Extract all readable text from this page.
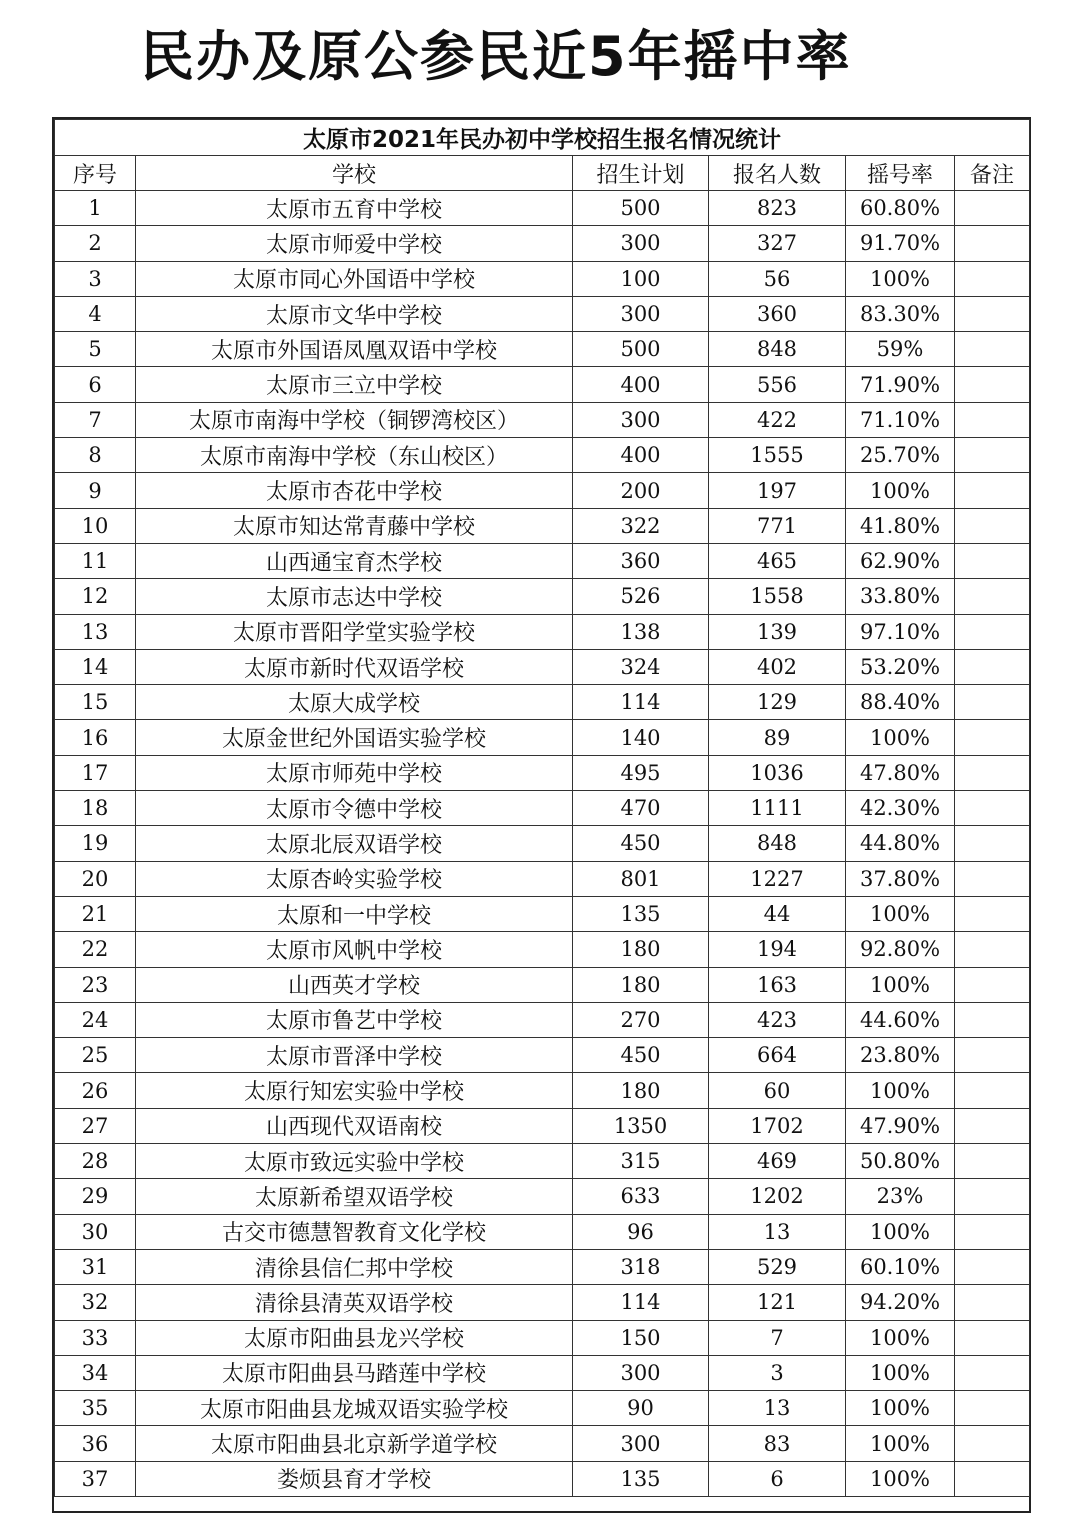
民办及原公参民近5年摇中率
太原市2021年民办初中学校招生报名情况统计					
序号	学校	招生计划	报名人数	摇号率	备注
1	太原市五育中学校	500	823	60.80%	
2	太原市师爱中学校	300	327	91.70%	
3	太原市同心外国语中学校	100	56	100%	
4	太原市文华中学校	300	360	83.30%	
5	太原市外国语凤凰双语中学校	500	848	59%	
6	太原市三立中学校	400	556	71.90%	
7	太原市南海中学校（铜锣湾校区）	300	422	71.10%	
8	太原市南海中学校（东山校区）	400	1555	25.70%	
9	太原市杏花中学校	200	197	100%	
10	太原市知达常青藤中学校	322	771	41.80%	
11	山西通宝育杰学校	360	465	62.90%	
12	太原市志达中学校	526	1558	33.80%	
13	太原市晋阳学堂实验学校	138	139	97.10%	
14	太原市新时代双语学校	324	402	53.20%	
15	太原大成学校	114	129	88.40%	
16	太原金世纪外国语实验学校	140	89	100%	
17	太原市师苑中学校	495	1036	47.80%	
18	太原市令德中学校	470	1111	42.30%	
19	太原北辰双语学校	450	848	44.80%	
20	太原杏岭实验学校	801	1227	37.80%	
21	太原和一中学校	135	44	100%	
22	太原市风帆中学校	180	194	92.80%	
23	山西英才学校	180	163	100%	
24	太原市鲁艺中学校	270	423	44.60%	
25	太原市晋泽中学校	450	664	23.80%	
26	太原行知宏实验中学校	180	60	100%	
27	山西现代双语南校	1350	1702	47.90%	
28	太原市致远实验中学校	315	469	50.80%	
29	太原新希望双语学校	633	1202	23%	
30	古交市德慧智教育文化学校	96	13	100%	
31	清徐县信仁邦中学校	318	529	60.10%	
32	清徐县清英双语学校	114	121	94.20%	
33	太原市阳曲县龙兴学校	150	7	100%	
34	太原市阳曲县马踏莲中学校	300	3	100%	
35	太原市阳曲县龙城双语实验学校	90	13	100%	
36	太原市阳曲县北京新学道学校	300	83	100%	
37	娄烦县育才学校	135	6	100%	
